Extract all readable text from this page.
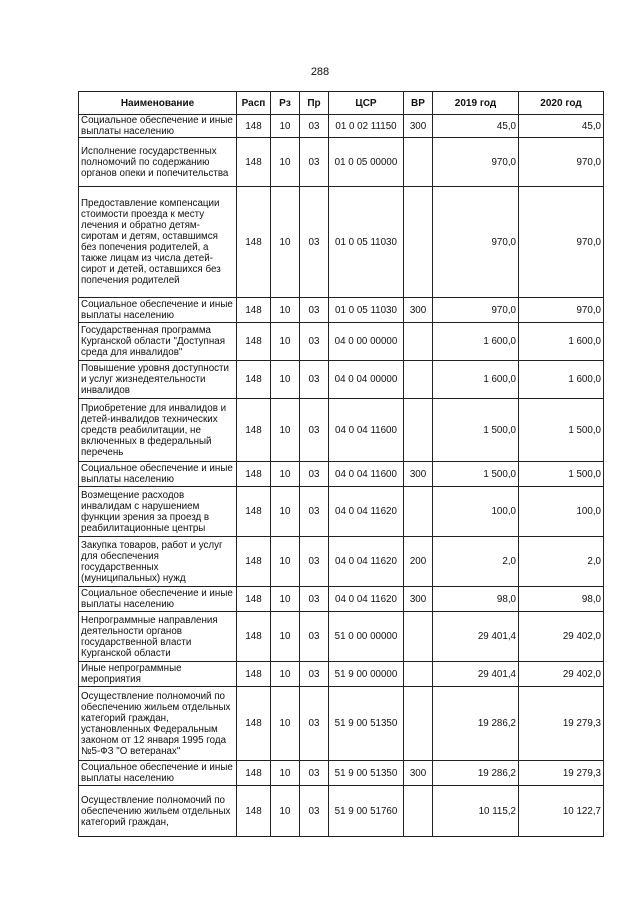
288
Наименование	Расп	Рз	Пр	ЦСР	ВР	2019 год	2020 год
Социальное обеспечение и иные выплаты населению	148	10	03	01 0 02 11150	300	45,0	45,0
Исполнение государственных полномочий по содержанию органов опеки и попечительства	148	10	03	01 0 05 00000		970,0	970,0
Предоставление компенсации стоимости проезда к месту лечения и обратно детям-сиротам и детям, оставшимся без попечения родителей, а также лицам из числа детей-сирот и детей, оставшихся без попечения родителей	148	10	03	01 0 05 11030		970,0	970,0
Социальное обеспечение и иные выплаты населению	148	10	03	01 0 05 11030	300	970,0	970,0
Государственная программа Курганской области "Доступная среда для инвалидов"	148	10	03	04 0 00 00000		1 600,0	1 600,0
Повышение уровня доступности и услуг жизнедеятельности инвалидов	148	10	03	04 0 04 00000		1 600,0	1 600,0
Приобретение для инвалидов и детей-инвалидов технических средств реабилитации, не включенных в федеральный перечень	148	10	03	04 0 04 11600		1 500,0	1 500,0
Социальное обеспечение и иные выплаты населению	148	10	03	04 0 04 11600	300	1 500,0	1 500,0
Возмещение расходов инвалидам с нарушением функции зрения за проезд в реабилитационные центры	148	10	03	04 0 04 11620		100,0	100,0
Закупка товаров, работ и услуг для обеспечения государственных (муниципальных) нужд	148	10	03	04 0 04 11620	200	2,0	2,0
Социальное обеспечение и иные выплаты населению	148	10	03	04 0 04 11620	300	98,0	98,0
Непрограммные направления деятельности органов государственной власти Курганской области	148	10	03	51 0 00 00000		29 401,4	29 402,0
Иные непрограммные мероприятия	148	10	03	51 9 00 00000		29 401,4	29 402,0
Осуществление полномочий по обеспечению жильем отдельных категорий граждан, установленных Федеральным законом от 12 января 1995 года №5-ФЗ "О ветеранах"	148	10	03	51 9 00 51350		19 286,2	19 279,3
Социальное обеспечение и иные выплаты населению	148	10	03	51 9 00 51350	300	19 286,2	19 279,3
Осуществление полномочий по обеспечению жильем отдельных категорий граждан,	148	10	03	51 9 00 51760		10 115,2	10 122,7
